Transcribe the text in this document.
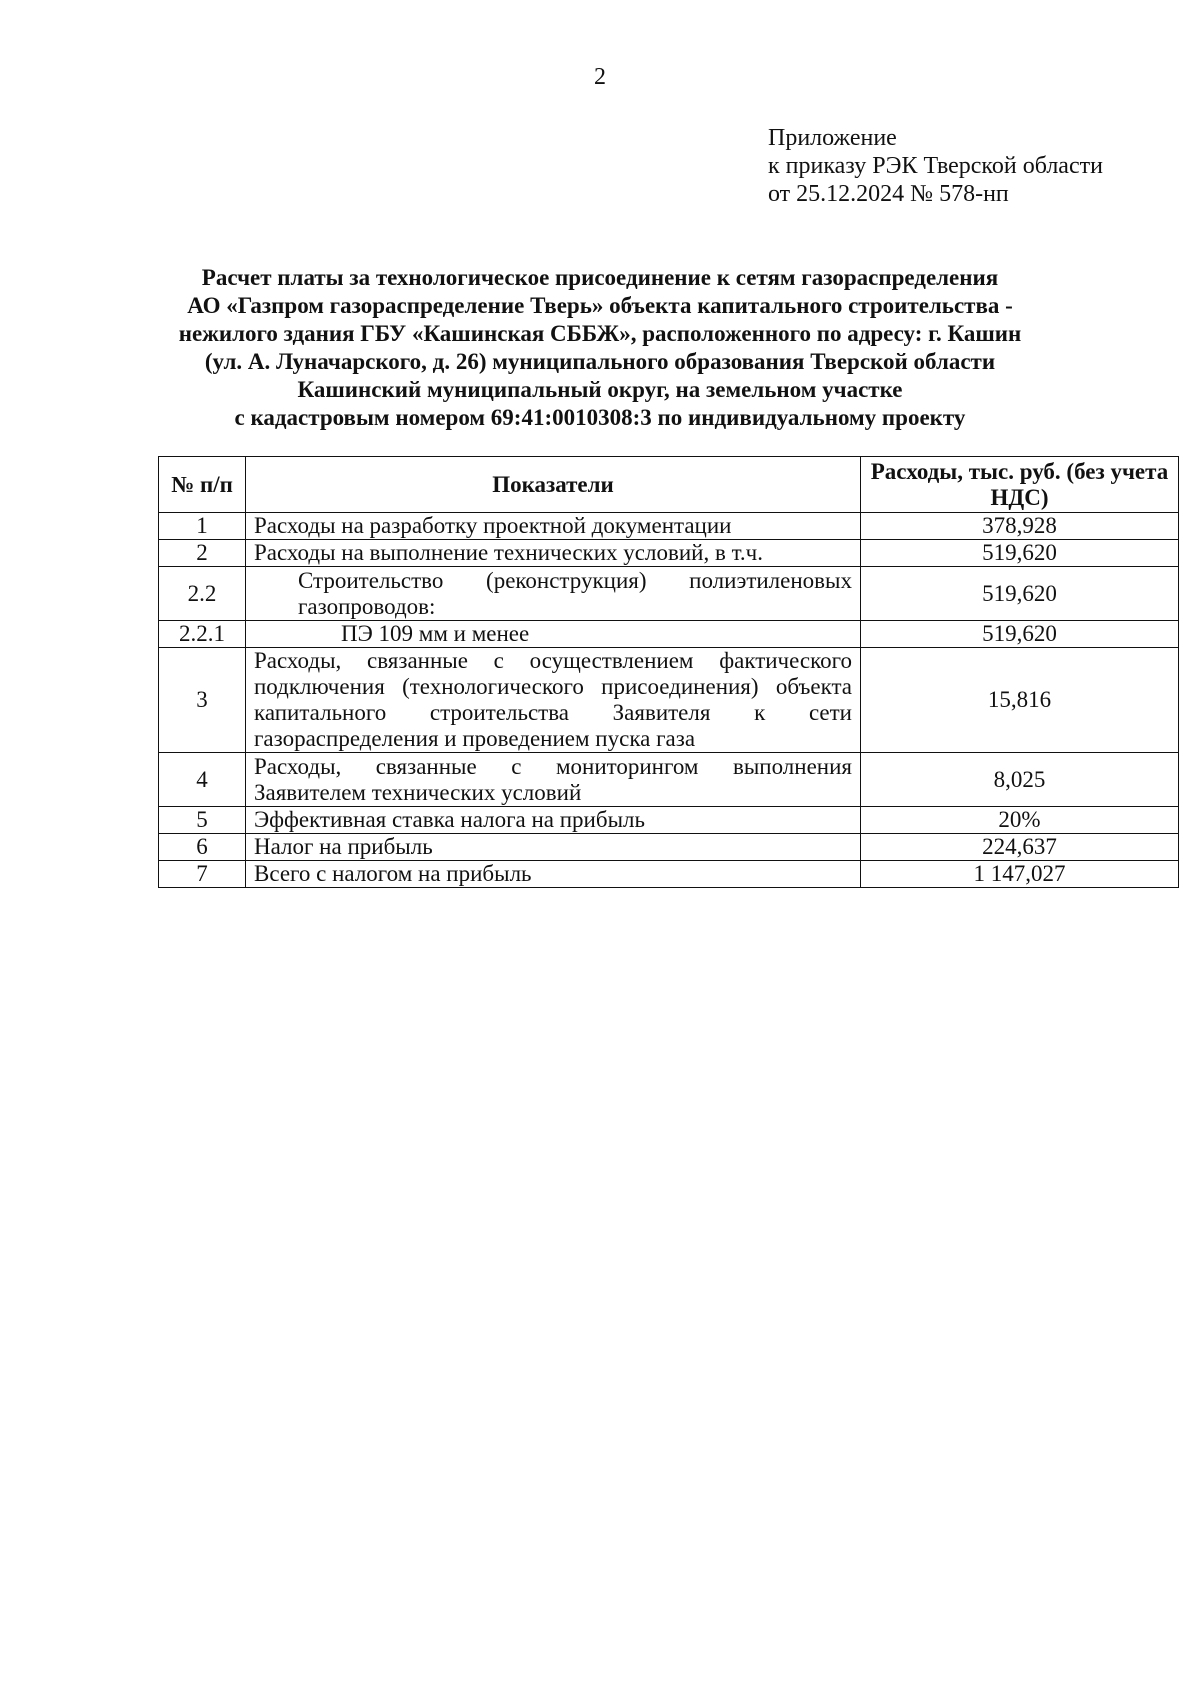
2
Приложение
к приказу РЭК Тверской области
от 25.12.2024 № 578-нп
Расчет платы за технологическое присоединение к сетям газораспределения
АО «Газпром газораспределение Тверь» объекта капитального строительства -
нежилого здания ГБУ «Кашинская СББЖ», расположенного по адресу: г. Кашин
(ул. А. Луначарского, д. 26) муниципального образования Тверской области
Кашинский муниципальный округ, на земельном участке
с кадастровым номером 69:41:0010308:3 по индивидуальному проекту
№ п/п	Показатели	Расходы, тыс. руб. (без учета НДС)
1	Расходы на разработку проектной документации	378,928
2	Расходы на выполнение технических условий, в т.ч.	519,620
2.2	Строительство (реконструкция) полиэтиленовых газопроводов:	519,620
2.2.1	ПЭ 109 мм и менее	519,620
3	Расходы, связанные с осуществлением фактического подключения (технологического присоединения) объекта капитального строительства Заявителя к сети газораспределения и проведением пуска газа	15,816
4	Расходы, связанные с мониторингом выполнения Заявителем технических условий	8,025
5	Эффективная ставка налога на прибыль	20%
6	Налог на прибыль	224,637
7	Всего с налогом на прибыль	1 147,027
